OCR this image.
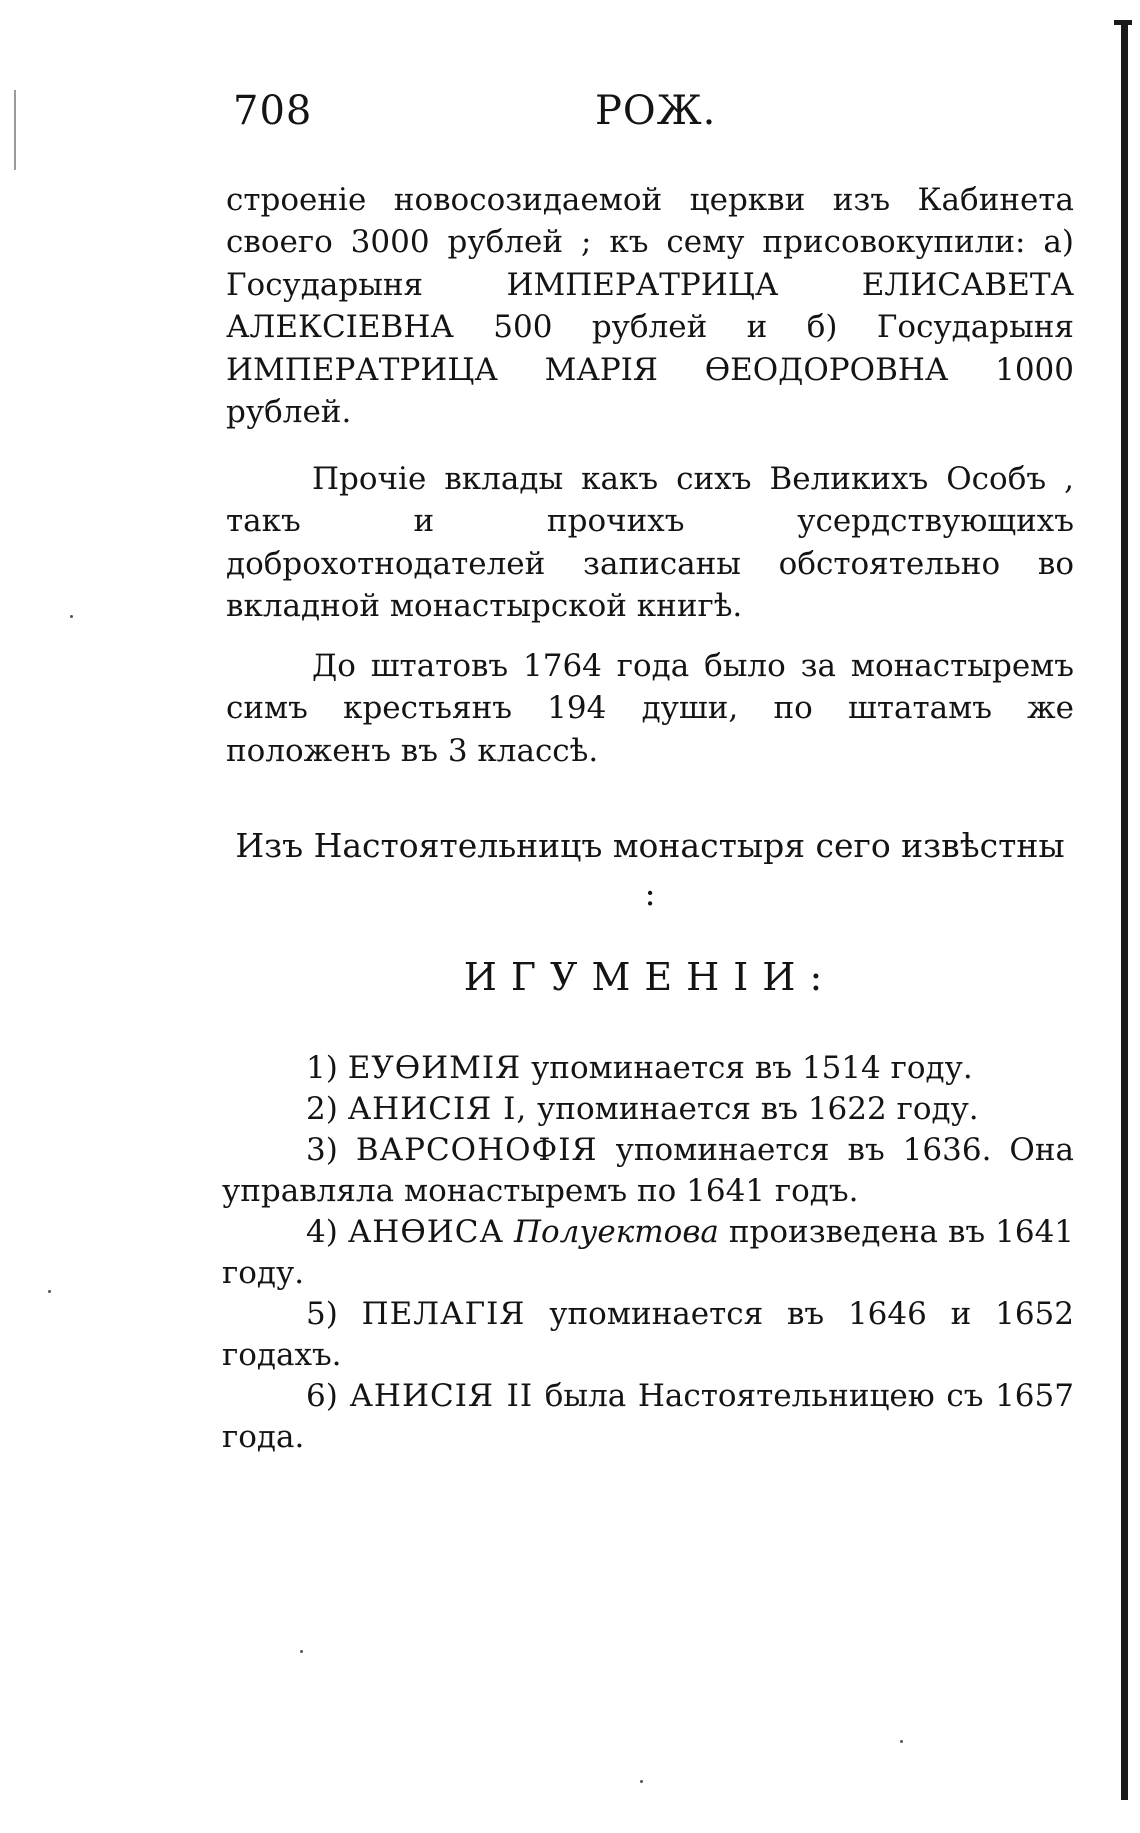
708	РОЖ.
строеніе новосозидаемой церкви изъ Кабинета своего 3000 рублей ; къ сему присовокупили: а) Государыня ИМПЕРАТРИЦА ЕЛИСАВЕТА АЛЕКСІЕВНА 500 рублей и б) Государыня ИМПЕРАТРИЦА МАРІЯ ѲЕОДОРОВНА 1000 рублей.
Прочіе вклады какъ сихъ Великихъ Особъ , такъ и прочихъ усердствующихъ доброхотнодателей записаны обстоятельно во вкладной монастырской книгѣ.
До штатовъ 1764 года было за монастыремъ симъ крестьянъ 194 души, по штатамъ же положенъ въ 3 классѣ.
Изъ Настоятельницъ монастыря сего извѣстны :
ИГУМЕНІИ:
1) ЕУѲИМІЯ упоминается въ 1514 году.
2) АНИСІЯ I, упоминается въ 1622 году.
3) ВАРСОНОФІЯ упоминается въ 1636. Она управляла монастыремъ по 1641 годъ.
4) АНѲИСА Полуектова произведена въ 1641 году.
5) ПЕЛАГІЯ упоминается въ 1646 и 1652 годахъ.
6) АНИСІЯ II была Настоятельницею съ 1657 года.
